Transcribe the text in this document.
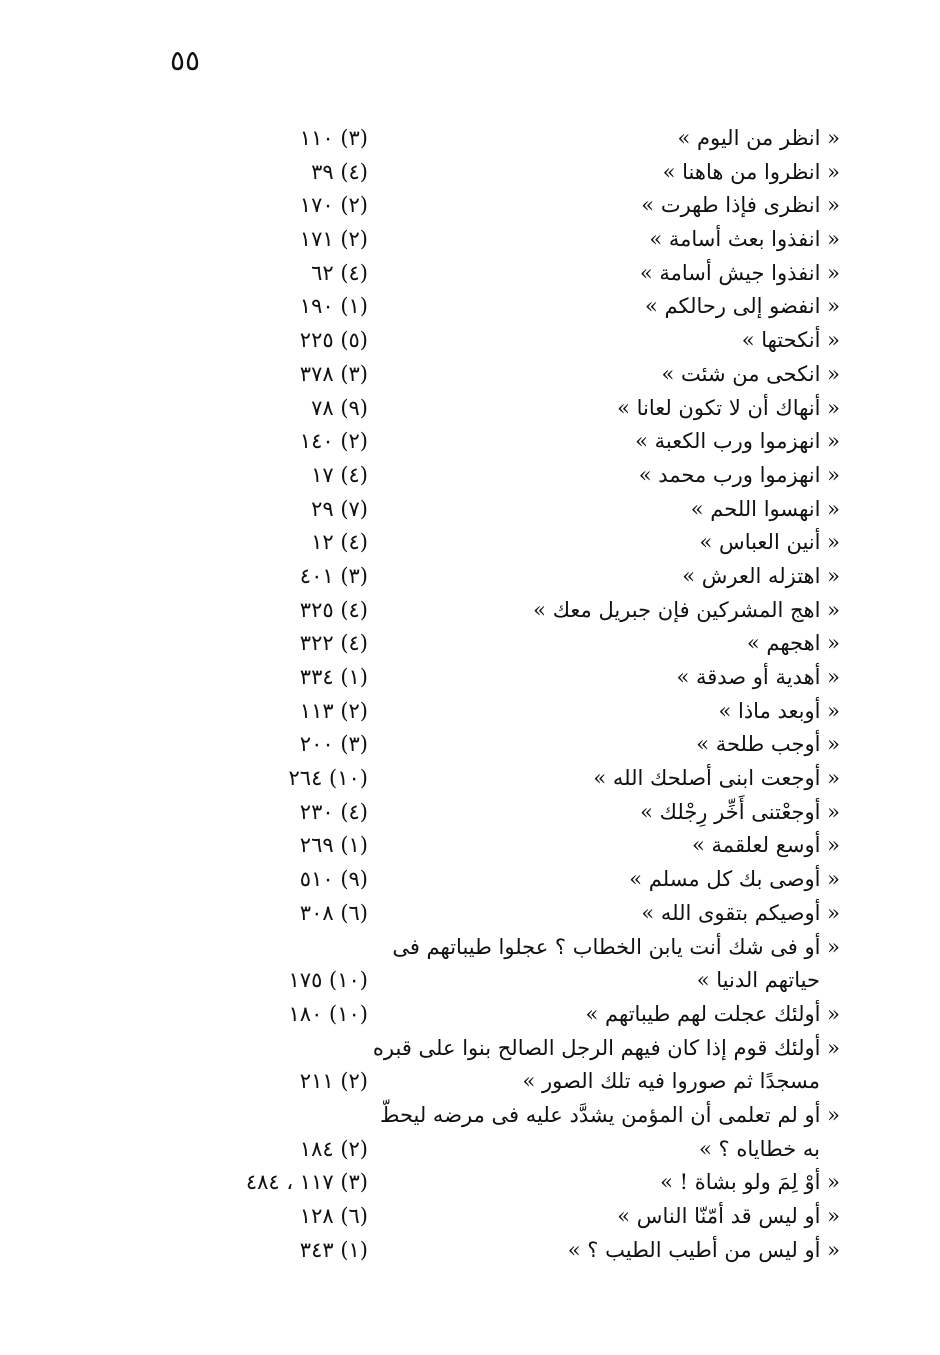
٥٥
« انظر من اليوم »
(٣) ١١٠
« انظروا من هاهنا »
(٤) ٣٩
« انظرى فإذا طهرت »
(٢) ١٧٠
« انفذوا بعث أسامة »
(٢) ١٧١
« انفذوا جيش أسامة »
(٤) ٦٢
« انفضو إلى رحالكم »
(١) ١٩٠
« أنكحتها »
(٥) ٢٢٥
« انكحى من شئت »
(٣) ٣٧٨
« أنهاك أن لا تكون لعانا »
(٩) ٧٨
« انهزموا ورب الكعبة »
(٢) ١٤٠
« انهزموا ورب محمد »
(٤) ١٧
« انهسوا اللحم »
(٧) ٢٩
« أنين العباس »
(٤) ١٢
« اهتزله العرش »
(٣) ٤٠١
« اهج المشركين فإن جبريل معك »
(٤) ٣٢٥
« اهجهم »
(٤) ٣٢٢
« أهدية أو صدقة »
(١) ٣٣٤
« أوبعد ماذا »
(٢) ١١٣
« أوجب طلحة »
(٣) ٢٠٠
« أوجعت ابنى أصلحك الله »
(١٠) ٢٦٤
« أوجعْتنى أَخِّر رِجْلك »
(٤) ٢٣٠
« أوسع لعلقمة »
(١) ٢٦٩
« أوصى بك كل مسلم »
(٩) ٥١٠
« أوصيكم بتقوى الله »
(٦) ٣٠٨
« أو فى شك أنت يابن الخطاب ؟ عجلوا طيباتهم فى
حياتهم الدنيا »
(١٠) ١٧٥
« أولئك عجلت لهم طيباتهم »
(١٠) ١٨٠
« أولئك قوم إذا كان فيهم الرجل الصالح بنوا على قبره
مسجدًا ثم صوروا فيه تلك الصور »
(٢) ٢١١
« أو لم تعلمى أن المؤمن يشدَّد عليه فى مرضه ليحطّ
به خطاياه ؟ »
(٢) ١٨٤
« أوْ لِمَ ولو بشاة ! »
(٣) ١١٧ ، ٤٨٤
« أو ليس قد أمّنّا الناس »
(٦) ١٢٨
« أو ليس من أطيب الطيب ؟ »
(١) ٣٤٣
